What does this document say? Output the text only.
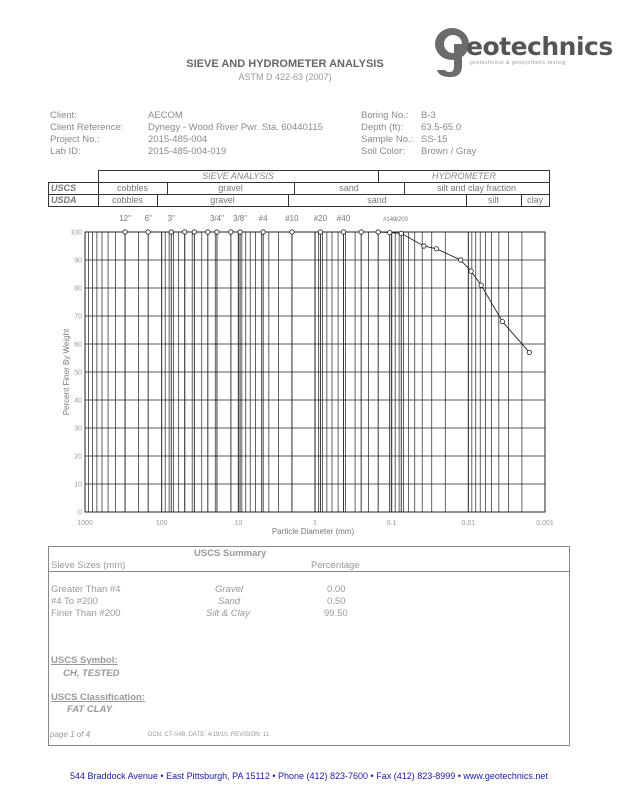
eotechnics
geotechnical & geosynthetic testing
SIEVE AND HYDROMETER ANALYSIS
ASTM D 422-63 (2007)
Client:	AECOM
Client Reference:	Dynegy - Wood River Pwr. Sta. 60440115
Project No.:	2015-485-004
Lab ID:	2015-485-004-019
Boring No.: B-3
Depth (ft): 63.5-65.0
Sample No.: SS-15
Soil Color: Brown / Gray
SIEVE ANALYSIS	HYDROMETER
USCS
USDA
cobbles	gravel	sand	silt and clay fraction
cobbles	gravel	sand	silt	clay
12" 6" 3"	3/4" 3/8" #4 #10 #20 #40	#140
#200
0
10
20
30
40
50
60
70
80
90
100
1000	100	10	1	0.1	0.01	0.001
Particle Diameter (mm)
Percent Finer By Weight
USCS Summary
Sieve Sizes (mm)	Percentage
Greater Than #4	Gravel	0.00
#4 To #200	Sand	0.50
Finer Than #200	Silt & Clay	99.50
USCS Symbol:
CH, TESTED
USCS Classification:
FAT CLAY
page 1 of 4	DCN: CT-S4B, DATE: 4/19/10, REVISION: 11
544 Braddock Avenue • East Pittsburgh, PA 15112 • Phone (412) 823-7600 • Fax (412) 823-8999 • www.geotechnics.net
